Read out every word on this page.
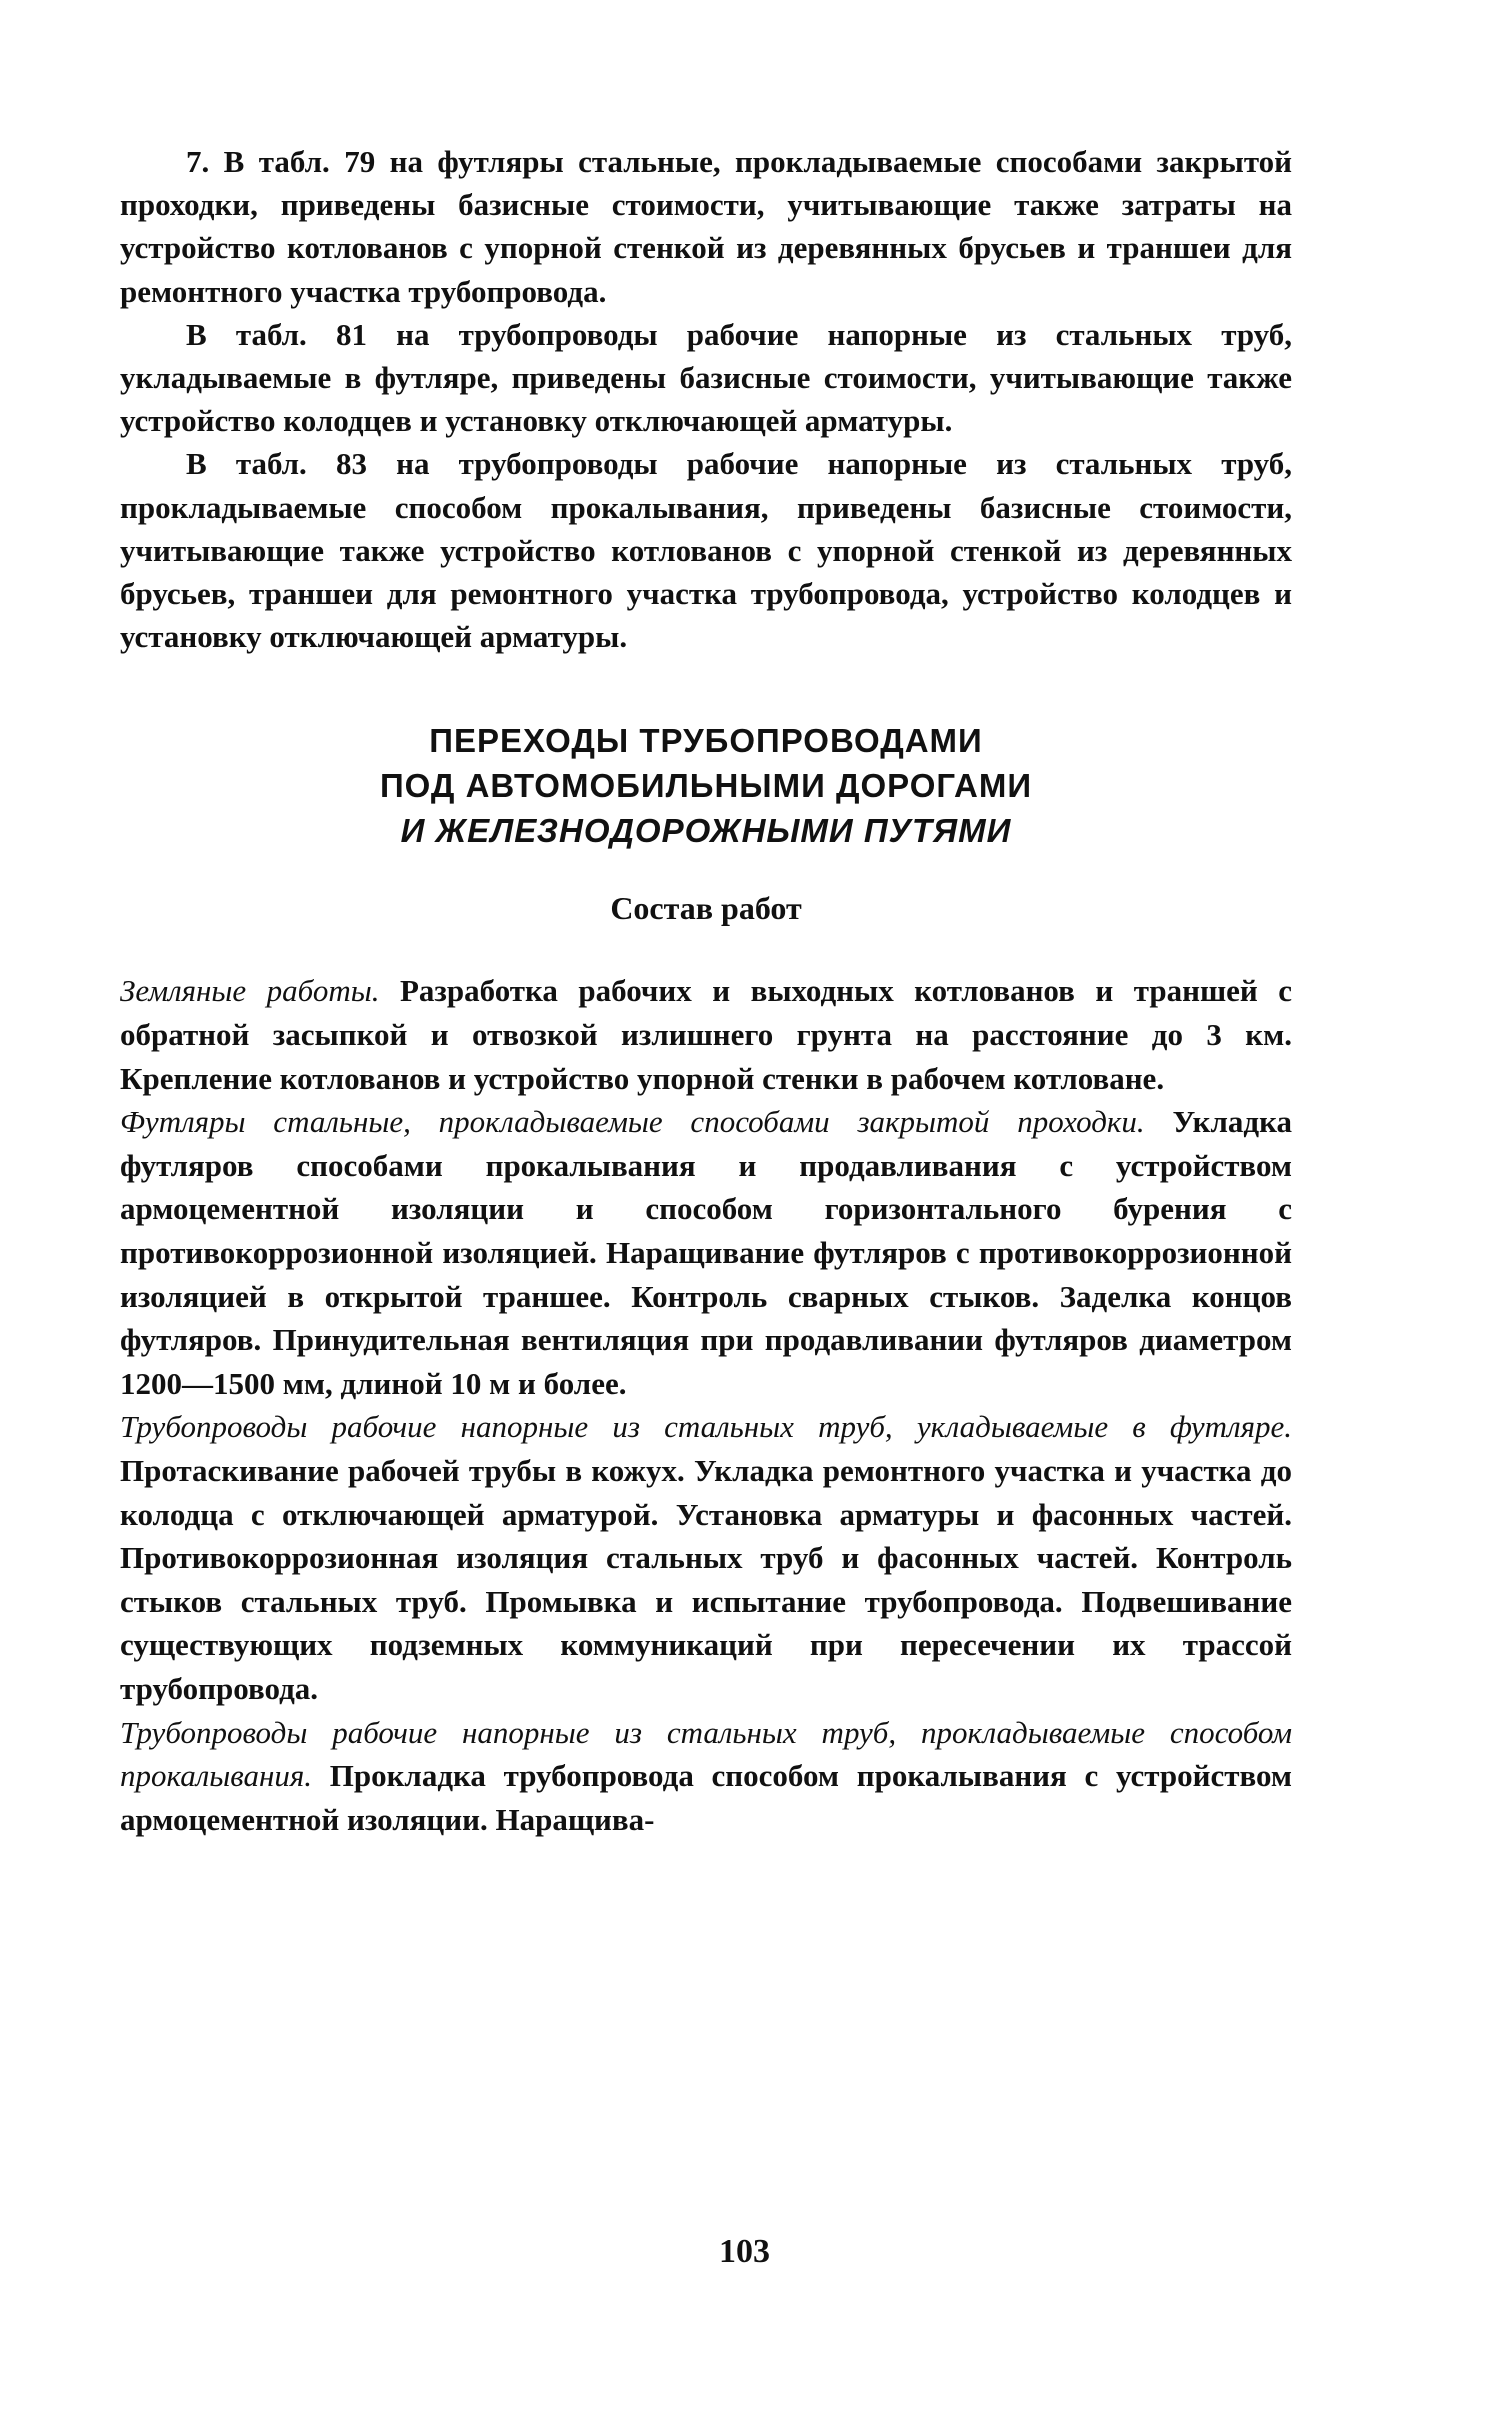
7. В табл. 79 на футляры стальные, прокладываемые способами закрытой проходки, приведены базисные стоимости, учитывающие также затраты на устройство котлованов с упорной стенкой из деревянных брусьев и траншеи для ремонтного участка трубопровода.

В табл. 81 на трубопроводы рабочие напорные из стальных труб, укладываемые в футляре, приведены базисные стоимости, учитывающие также устройство колодцев и установку отключающей арматуры.

В табл. 83 на трубопроводы рабочие напорные из стальных труб, прокладываемые способом прокалывания, приведены базисные стоимости, учитывающие также устройство котлованов с упорной стенкой из деревянных брусьев, траншеи для ремонтного участка трубопровода, устройство колодцев и установку отключающей арматуры.

ПЕРЕХОДЫ ТРУБОПРОВОДАМИ
ПОД АВТОМОБИЛЬНЫМИ ДОРОГАМИ
И ЖЕЛЕЗНОДОРОЖНЫМИ ПУТЯМИ
Состав работ

Земляные работы. Разработка рабочих и выходных котлованов и траншей с обратной засыпкой и отвозкой излишнего грунта на расстояние до 3 км. Крепление котлованов и устройство упорной стенки в рабочем котловане.

Футляры стальные, прокладываемые способами закрытой проходки. Укладка футляров способами прокалывания и продавливания с устройством армоцементной изоляции и способом горизонтального бурения с противокоррозионной изоляцией. Наращивание футляров с противокоррозионной изоляцией в открытой траншее. Контроль сварных стыков. Заделка концов футляров. Принудительная вентиляция при продавливании футляров диаметром 1200—1500 мм, длиной 10 м и более.

Трубопроводы рабочие напорные из стальных труб, укладываемые в футляре. Протаскивание рабочей трубы в кожух. Укладка ремонтного участка и участка до колодца с отключающей арматурой. Установка арматуры и фасонных частей. Противокоррозионная изоляция стальных труб и фасонных частей. Контроль стыков стальных труб. Промывка и испытание трубопровода. Подвешивание существующих подземных коммуникаций при пересечении их трассой трубопровода.

Трубопроводы рабочие напорные из стальных труб, прокладываемые способом прокалывания. Прокладка трубопровода способом прокалывания с устройством армоцементной изоляции. Наращива-

103
